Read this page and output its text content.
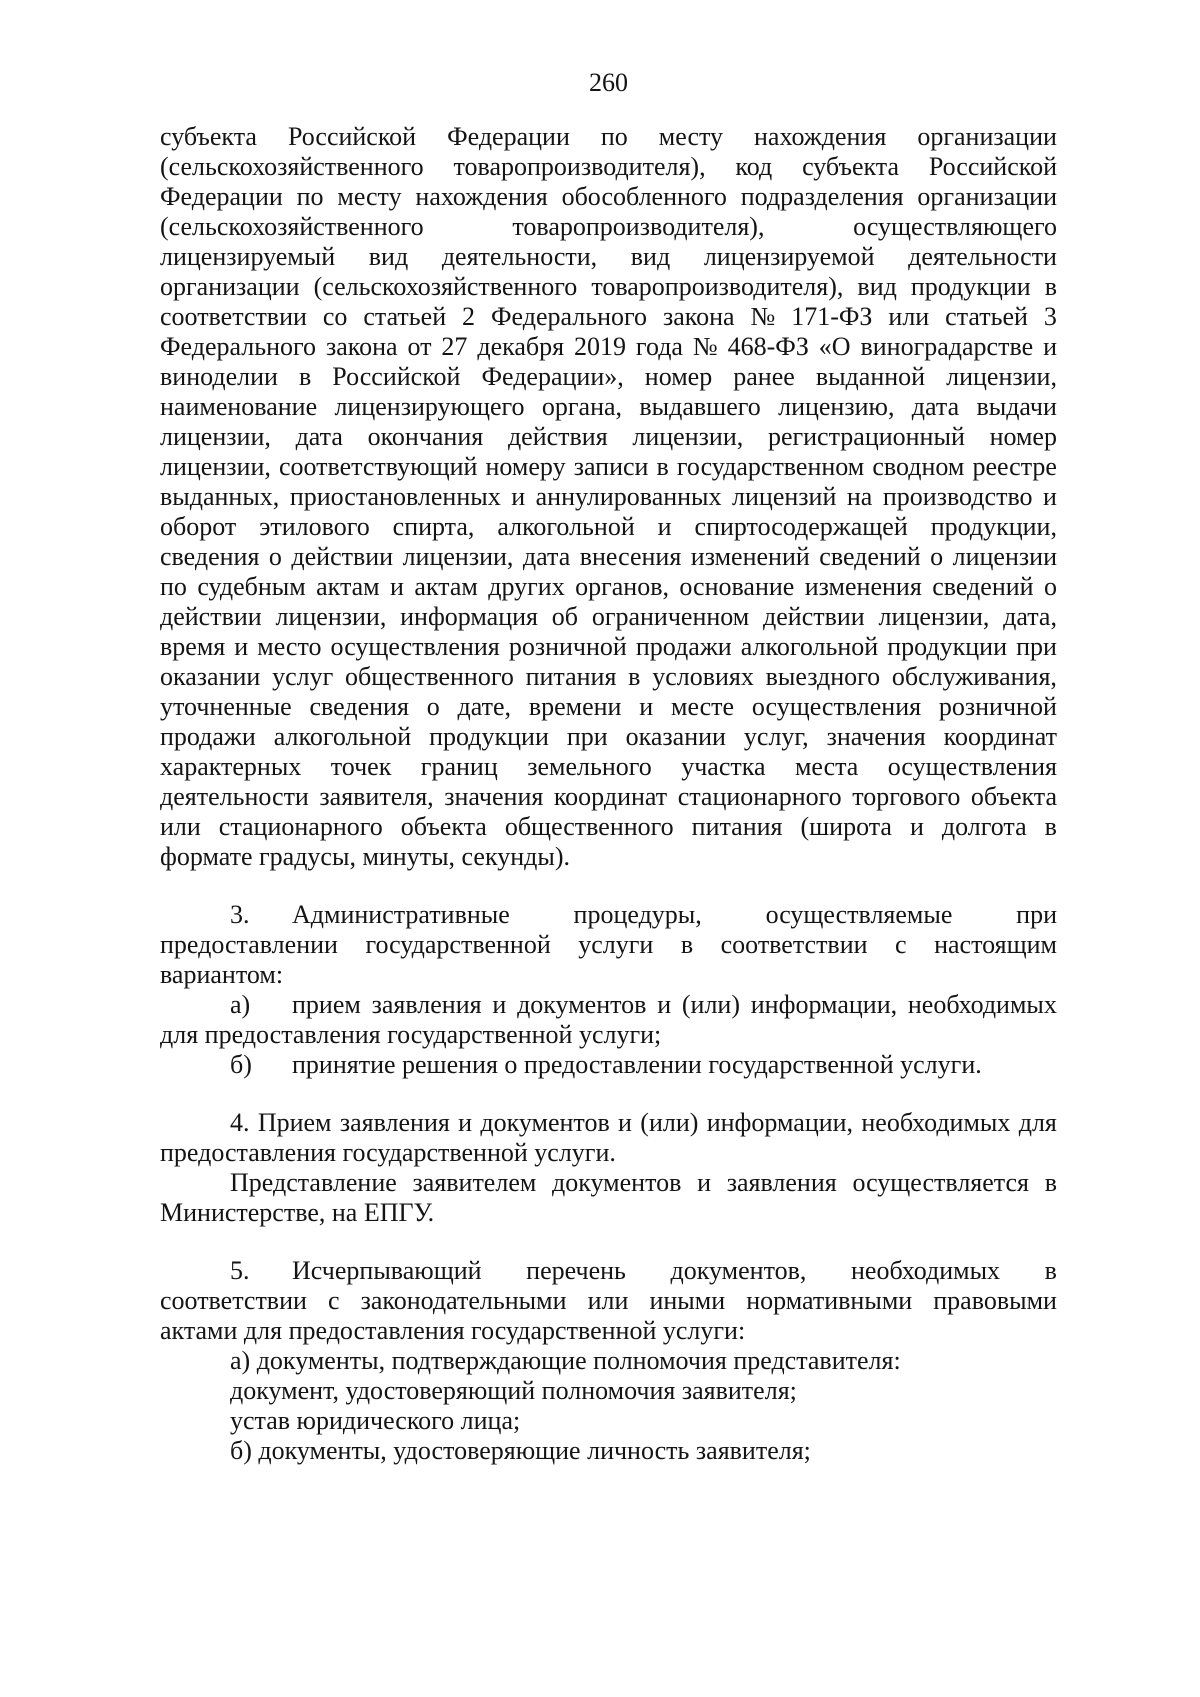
260
субъекта Российской Федерации по месту нахождения организации
(сельскохозяйственного товаропроизводителя), код субъекта Российской
Федерации по месту нахождения обособленного подразделения организации
(сельскохозяйственного	товаропроизводителя),	осуществляющего
лицензируемый вид деятельности, вид лицензируемой деятельности
организации (сельскохозяйственного товаропроизводителя), вид продукции в
соответствии со статьей 2 Федерального закона № 171-ФЗ или статьей 3
Федерального закона от 27 декабря 2019 года № 468-ФЗ «О виноградарстве и
виноделии в Российской Федерации», номер ранее выданной лицензии,
наименование лицензирующего органа, выдавшего лицензию, дата выдачи
лицензии, дата окончания действия лицензии, регистрационный номер
лицензии, соответствующий номеру записи в государственном сводном реестре
выданных, приостановленных и аннулированных лицензий на производство и
оборот этилового спирта, алкогольной и спиртосодержащей продукции,
сведения о действии лицензии, дата внесения изменений сведений о лицензии
по судебным актам и актам других органов, основание изменения сведений о
действии лицензии, информация об ограниченном действии лицензии, дата,
время и место осуществления розничной продажи алкогольной продукции при
оказании услуг общественного питания в условиях выездного обслуживания,
уточненные сведения о дате, времени и месте осуществления розничной
продажи алкогольной продукции при оказании услуг, значения координат
характерных точек границ земельного участка места осуществления
деятельности заявителя, значения координат стационарного торгового объекта
или стационарного объекта общественного питания (широта и долгота в
формате градусы, минуты, секунды).
3.	Административные процедуры, осуществляемые при
предоставлении государственной услуги в соответствии с настоящим
вариантом:
а)	прием заявления и документов и (или) информации, необходимых
для предоставления государственной услуги;
б) принятие решения о предоставлении государственной услуги.
4. Прием заявления и документов и (или) информации, необходимых для
предоставления государственной услуги.
Представление заявителем документов и заявления осуществляется в
Министерстве, на ЕПГУ.
5.	Исчерпывающий перечень документов, необходимых в
соответствии с законодательными или иными нормативными правовыми
актами для предоставления государственной услуги:
а) документы, подтверждающие полномочия представителя:
документ, удостоверяющий полномочия заявителя;
устав юридического лица;
б) документы, удостоверяющие личность заявителя;
